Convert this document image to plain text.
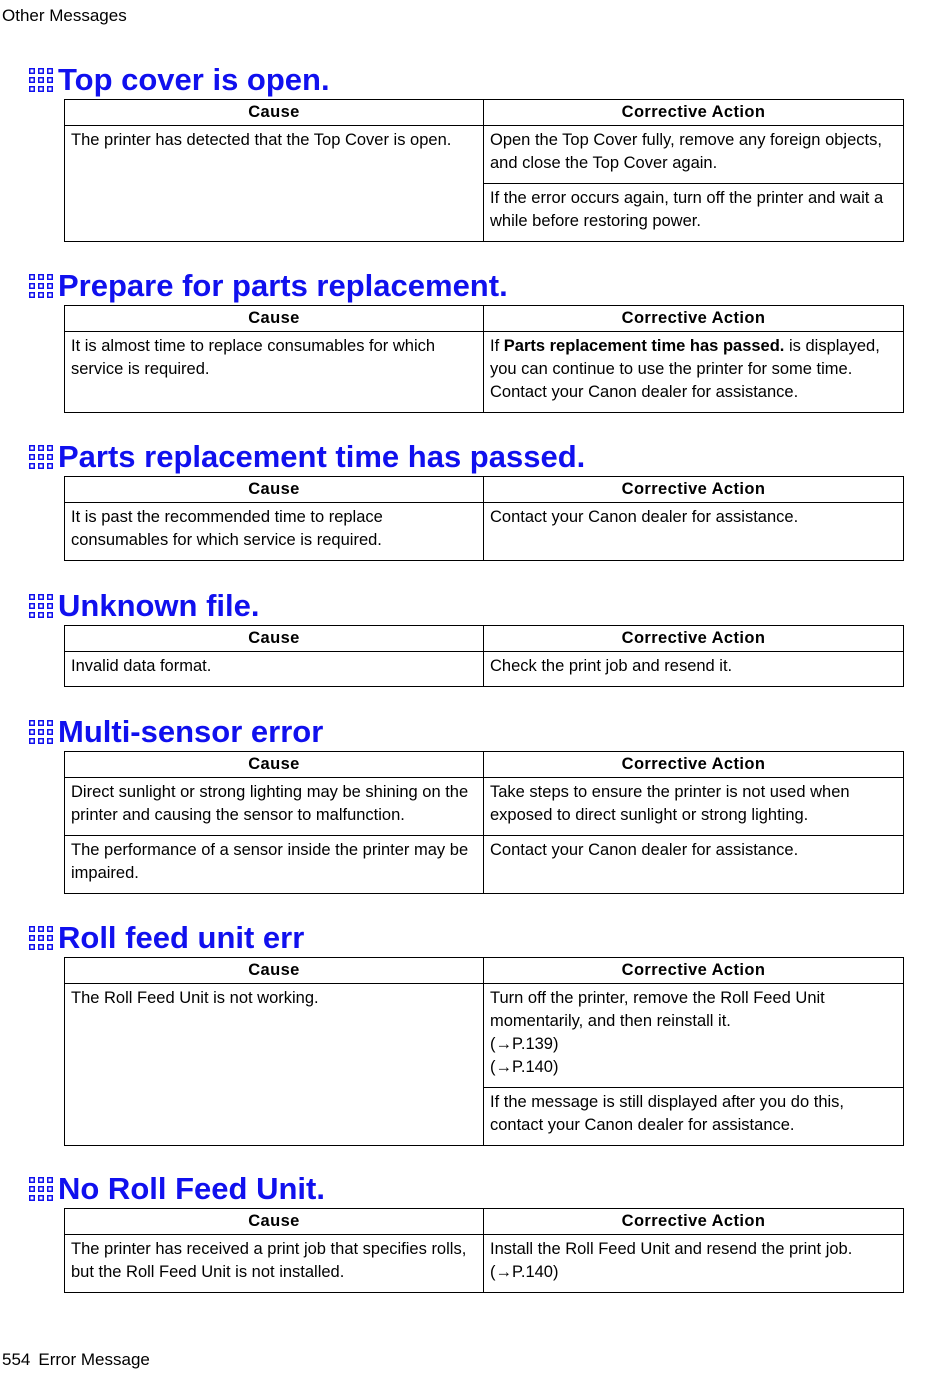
Other Messages
Top cover is open.
Cause	Corrective Action
The printer has detected that the Top Cover is open.	Open the Top Cover fully, remove any foreign objects, and close the Top Cover again.
	If the error occurs again, turn off the printer and wait a while before restoring power.
Prepare for parts replacement.
Cause	Corrective Action
It is almost time to replace consumables for which service is required.	If Parts replacement time has passed. is displayed, you can continue to use the printer for some time. Contact your Canon dealer for assistance.
Parts replacement time has passed.
Cause	Corrective Action
It is past the recommended time to replace consumables for which service is required.	Contact your Canon dealer for assistance.
Unknown file.
Cause	Corrective Action
Invalid data format.	Check the print job and resend it.
Multi-sensor error
Cause	Corrective Action
Direct sunlight or strong lighting may be shining on the printer and causing the sensor to malfunction.	Take steps to ensure the printer is not used when exposed to direct sunlight or strong lighting.
The performance of a sensor inside the printer may be impaired.	Contact your Canon dealer for assistance.
Roll feed unit err
Cause	Corrective Action
The Roll Feed Unit is not working.	Turn off the printer, remove the Roll Feed Unit momentarily, and then reinstall it.
(→P.139)
(→P.140)

	If the message is still displayed after you do this, contact your Canon dealer for assistance.
No Roll Feed Unit.
Cause	Corrective Action
The printer has received a print job that specifies rolls, but the Roll Feed Unit is not installed.	Install the Roll Feed Unit and resend the print job.
(→P.140)
554 Error Message
